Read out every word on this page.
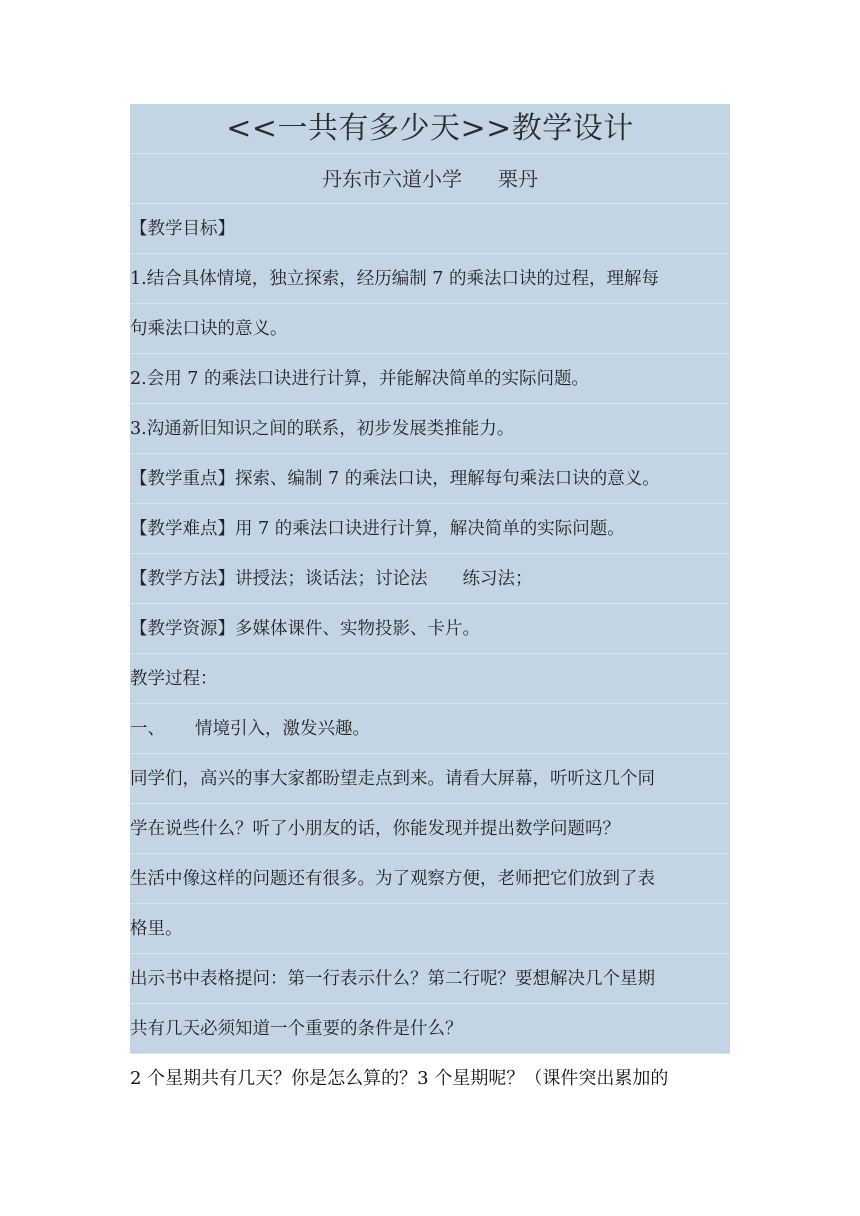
<<一共有多少天>>教学设计
丹东市六道小学 栗丹
【教学目标】
1.结合具体情境，独立探索，经历编制 7 的乘法口诀的过程，理解每
句乘法口诀的意义。
2.会用 7 的乘法口诀进行计算，并能解决简单的实际问题。
3.沟通新旧知识之间的联系，初步发展类推能力。
【教学重点】探索、编制 7 的乘法口诀，理解每句乘法口诀的意义。
【教学难点】用 7 的乘法口诀进行计算，解决简单的实际问题。
【教学方法】讲授法；谈话法；讨论法　　练习法；
【教学资源】多媒体课件、实物投影、卡片。
教学过程：
一、 情境引入，激发兴趣。
同学们，高兴的事大家都盼望走点到来。请看大屏幕，听听这几个同
学在说些什么？听了小朋友的话，你能发现并提出数学问题吗？
生活中像这样的问题还有很多。为了观察方便，老师把它们放到了表
格里。
出示书中表格提问：第一行表示什么？第二行呢？要想解决几个星期
共有几天必须知道一个重要的条件是什么？
2 个星期共有几天？你是怎么算的？3 个星期呢？（课件突出累加的
